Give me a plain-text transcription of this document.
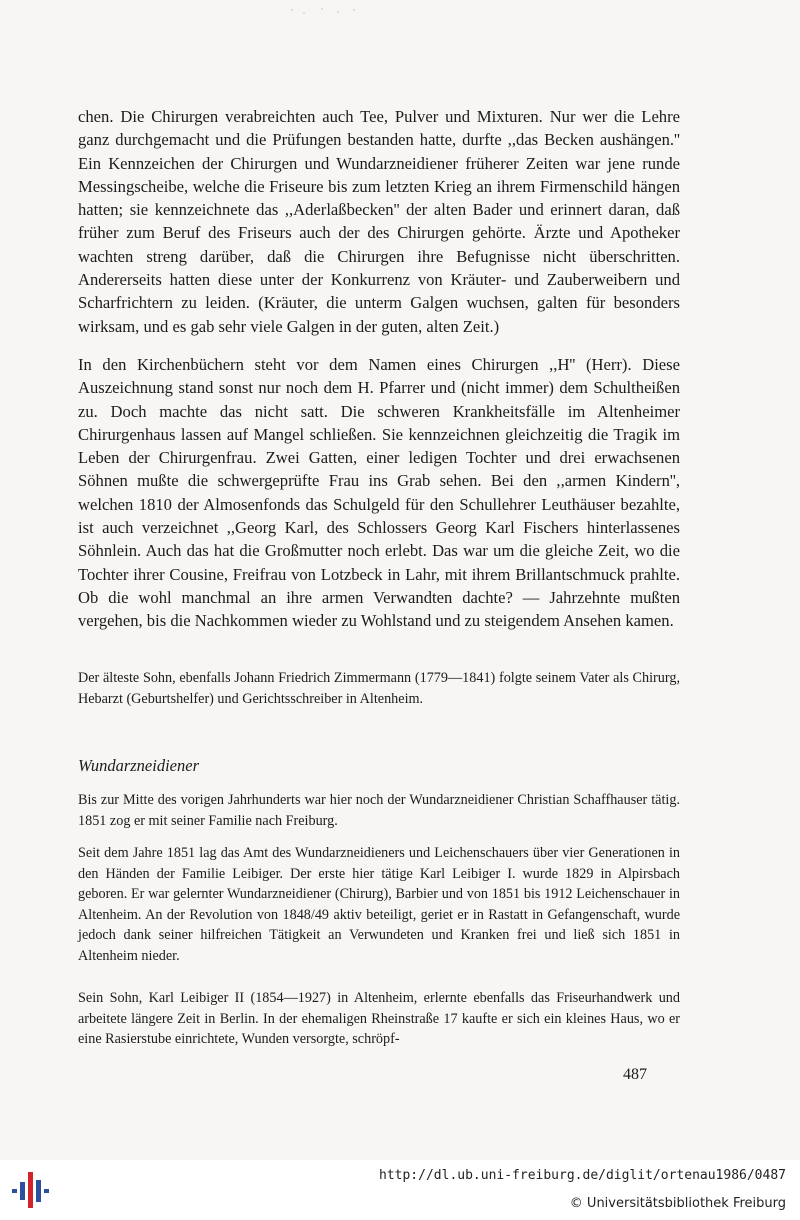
chen. Die Chirurgen verabreichten auch Tee, Pulver und Mixturen. Nur wer die Lehre ganz durchgemacht und die Prüfungen bestanden hatte, durfte ,,das Becken aushängen.'' Ein Kennzeichen der Chirurgen und Wundarzneidiener früherer Zeiten war jene runde Messingscheibe, welche die Friseure bis zum letzten Krieg an ihrem Firmenschild hängen hatten; sie kennzeichnete das ,,Aderlaßbecken'' der alten Bader und erinnert daran, daß früher zum Beruf des Friseurs auch der des Chirurgen gehörte. Ärzte und Apotheker wachten streng darüber, daß die Chirurgen ihre Befugnisse nicht überschritten. Andererseits hatten diese unter der Konkurrenz von Kräuter- und Zauberweibern und Scharfrichtern zu leiden. (Kräuter, die unterm Galgen wuchsen, galten für besonders wirksam, und es gab sehr viele Galgen in der guten, alten Zeit.)

In den Kirchenbüchern steht vor dem Namen eines Chirurgen ,,H'' (Herr). Diese Auszeichnung stand sonst nur noch dem H. Pfarrer und (nicht immer) dem Schultheißen zu. Doch machte das nicht satt. Die schweren Krankheitsfälle im Altenheimer Chirurgenhaus lassen auf Mangel schließen. Sie kennzeichnen gleichzeitig die Tragik im Leben der Chirurgenfrau. Zwei Gatten, einer ledigen Tochter und drei erwachsenen Söhnen mußte die schwergeprüfte Frau ins Grab sehen. Bei den ,,armen Kindern'', welchen 1810 der Almosenfonds das Schulgeld für den Schullehrer Leuthäuser bezahlte, ist auch verzeichnet ,,Georg Karl, des Schlossers Georg Karl Fischers hinterlassenes Söhnlein. Auch das hat die Großmutter noch erlebt. Das war um die gleiche Zeit, wo die Tochter ihrer Cousine, Freifrau von Lotzbeck in Lahr, mit ihrem Brillantschmuck prahlte. Ob die wohl manchmal an ihre armen Verwandten dachte? — Jahrzehnte mußten vergehen, bis die Nachkommen wieder zu Wohlstand und zu steigendem Ansehen kamen.

Der älteste Sohn, ebenfalls Johann Friedrich Zimmermann (1779—1841) folgte seinem Vater als Chirurg, Hebarzt (Geburtshelfer) und Gerichtsschreiber in Altenheim.

Wundarzneidiener

Bis zur Mitte des vorigen Jahrhunderts war hier noch der Wundarzneidiener Christian Schaffhauser tätig. 1851 zog er mit seiner Familie nach Freiburg.

Seit dem Jahre 1851 lag das Amt des Wundarzneidieners und Leichenschauers über vier Generationen in den Händen der Familie Leibiger. Der erste hier tätige Karl Leibiger I. wurde 1829 in Alpirsbach geboren. Er war gelernter Wundarzneidiener (Chirurg), Barbier und von 1851 bis 1912 Leichenschauer in Altenheim. An der Revolution von 1848/49 aktiv beteiligt, geriet er in Rastatt in Gefangenschaft, wurde jedoch dank seiner hilfreichen Tätigkeit an Verwundeten und Kranken frei und ließ sich 1851 in Altenheim nieder.

Sein Sohn, Karl Leibiger II (1854—1927) in Altenheim, erlernte ebenfalls das Friseurhandwerk und arbeitete längere Zeit in Berlin. In der ehemaligen Rheinstraße 17 kaufte er sich ein kleines Haus, wo er eine Rasierstube einrichtete, Wunden versorgte, schröpf-

487
http://dl.ub.uni-freiburg.de/diglit/ortenau1986/0487
© Universitätsbibliothek Freiburg
